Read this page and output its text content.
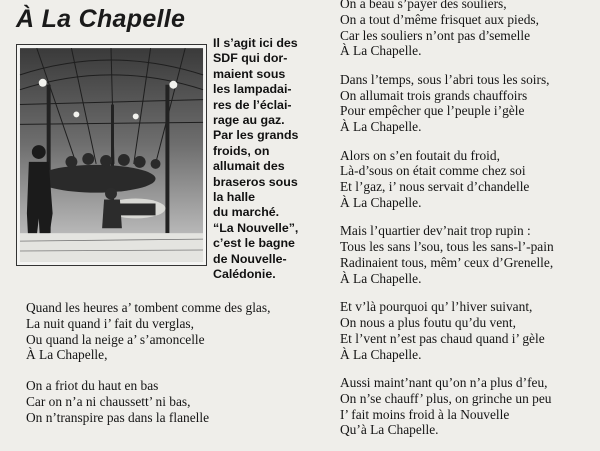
À La Chapelle
Il s’agit ici des
SDF qui dor-
maient sous
les lampadai-
res de l’éclai-
rage au gaz.
Par les grands
froids, on
allumait des
braseros sous
la halle
du marché.
“La Nouvelle”,
c’est le bagne
de Nouvelle-
Calédonie.
Quand les heures a’ tombent comme des glas,
La nuit quand i’ fait du verglas,
Ou quand la neige a’ s’amoncelle
À La Chapelle,
On a friot du haut en bas
Car on n’a ni chaussett’ ni bas,
On n’transpire pas dans la flanelle
On a beau s’payer des souliers,
On a tout d’même frisquet aux pieds,
Car les souliers n’ont pas d’semelle
À La Chapelle.
Dans l’temps, sous l’abri tous les soirs,
On allumait trois grands chauffoirs
Pour empêcher que l’peuple i’gèle
À La Chapelle.
Alors on s’en foutait du froid,
Là-d’sous on était comme chez soi
Et l’gaz, i’ nous servait d’chandelle
À La Chapelle.
Mais l’quartier dev’nait trop rupin :
Tous les sans l’sou, tous les sans-l’-pain
Radinaient tous, mêm’ ceux d’Grenelle,
À La Chapelle.
Et v’là pourquoi qu’ l’hiver suivant,
On nous a plus foutu qu’du vent,
Et l’vent n’est pas chaud quand i’ gèle
À La Chapelle.
Aussi maint’nant qu’on n’a plus d’feu,
On n’se chauff’ plus, on grinche un peu
I’ fait moins froid à la Nouvelle
Qu’à La Chapelle.
